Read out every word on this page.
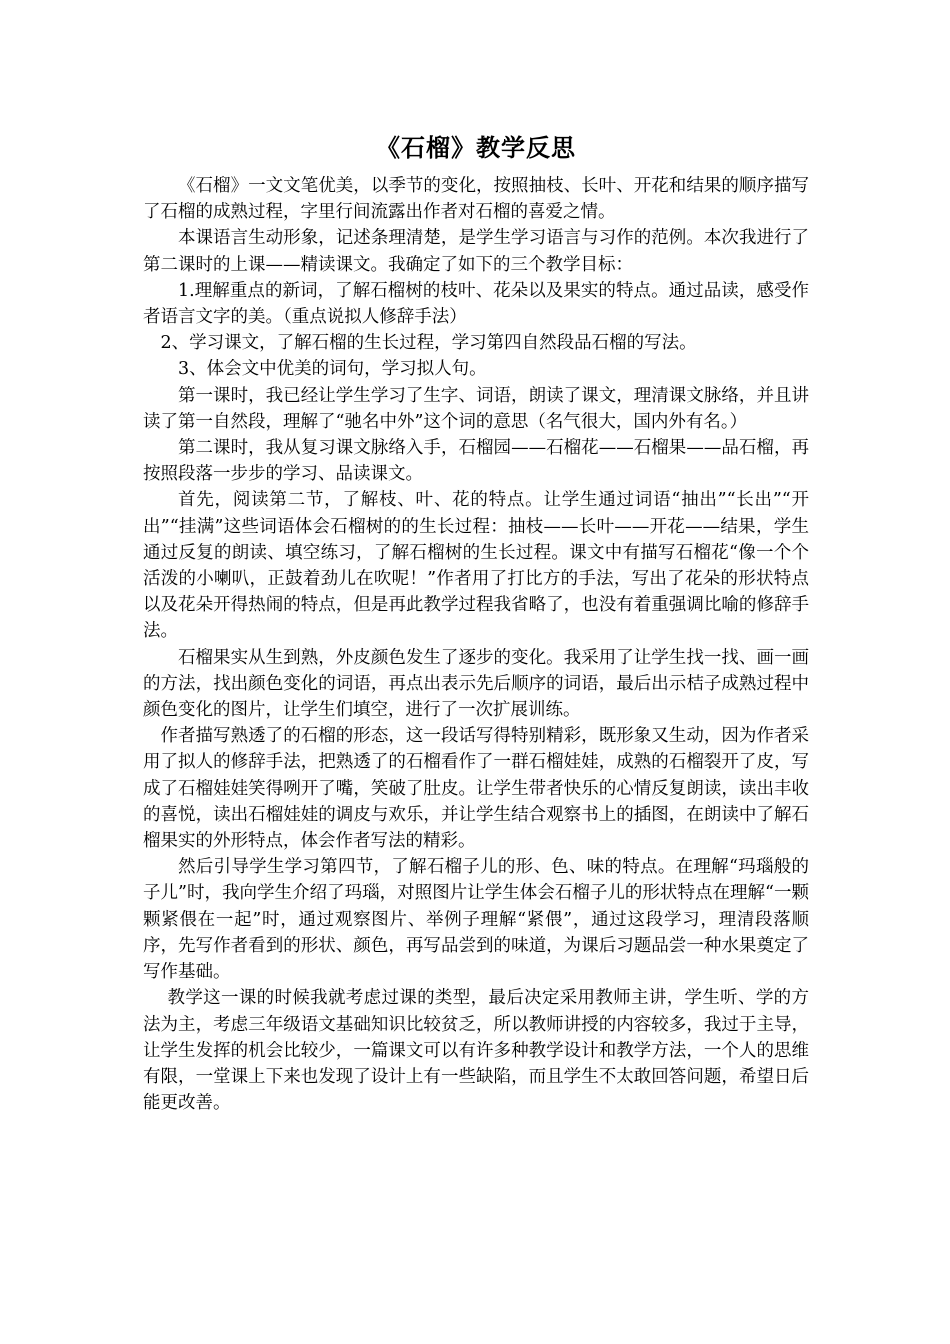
《石榴》教学反思

《石榴》一文文笔优美，以季节的变化，按照抽枝、长叶、开花和结果的顺序描写了石榴的成熟过程，字里行间流露出作者对石榴的喜爱之情。

本课语言生动形象，记述条理清楚，是学生学习语言与习作的范例。本次我进行了第二课时的上课——精读课文。我确定了如下的三个教学目标：

1.理解重点的新词，了解石榴树的枝叶、花朵以及果实的特点。通过品读，感受作者语言文字的美。（重点说拟人修辞手法）

2、学习课文，了解石榴的生长过程，学习第四自然段品石榴的写法。

3、体会文中优美的词句，学习拟人句。

第一课时，我已经让学生学习了生字、词语，朗读了课文，理清课文脉络，并且讲读了第一自然段，理解了“驰名中外”这个词的意思（名气很大，国内外有名。）

第二课时，我从复习课文脉络入手，石榴园——石榴花——石榴果——品石榴，再按照段落一步步的学习、品读课文。

首先，阅读第二节，了解枝、叶、花的特点。让学生通过词语“抽出”“长出”“开出”“挂满”这些词语体会石榴树的的生长过程：抽枝——长叶——开花——结果，学生通过反复的朗读、填空练习，了解石榴树的生长过程。课文中有描写石榴花“像一个个活泼的小喇叭，正鼓着劲儿在吹呢！”作者用了打比方的手法，写出了花朵的形状特点以及花朵开得热闹的特点，但是再此教学过程我省略了，也没有着重强调比喻的修辞手法。

石榴果实从生到熟，外皮颜色发生了逐步的变化。我采用了让学生找一找、画一画的方法，找出颜色变化的词语，再点出表示先后顺序的词语，最后出示桔子成熟过程中颜色变化的图片，让学生们填空，进行了一次扩展训练。

作者描写熟透了的石榴的形态，这一段话写得特别精彩，既形象又生动，因为作者采用了拟人的修辞手法，把熟透了的石榴看作了一群石榴娃娃，成熟的石榴裂开了皮，写成了石榴娃娃笑得咧开了嘴，笑破了肚皮。让学生带者快乐的心情反复朗读，读出丰收的喜悦，读出石榴娃娃的调皮与欢乐，并让学生结合观察书上的插图，在朗读中了解石榴果实的外形特点，体会作者写法的精彩。

然后引导学生学习第四节，了解石榴子儿的形、色、味的特点。在理解“玛瑙般的子儿”时，我向学生介绍了玛瑙，对照图片让学生体会石榴子儿的形状特点在理解“一颗颗紧偎在一起”时，通过观察图片、举例子理解“紧偎”，通过这段学习，理清段落顺序，先写作者看到的形状、颜色，再写品尝到的味道，为课后习题品尝一种水果奠定了写作基础。

教学这一课的时候我就考虑过课的类型，最后决定采用教师主讲，学生听、学的方法为主，考虑三年级语文基础知识比较贫乏，所以教师讲授的内容较多，我过于主导，让学生发挥的机会比较少，一篇课文可以有许多种教学设计和教学方法，一个人的思维有限，一堂课上下来也发现了设计上有一些缺陷，而且学生不太敢回答问题，希望日后能更改善。
